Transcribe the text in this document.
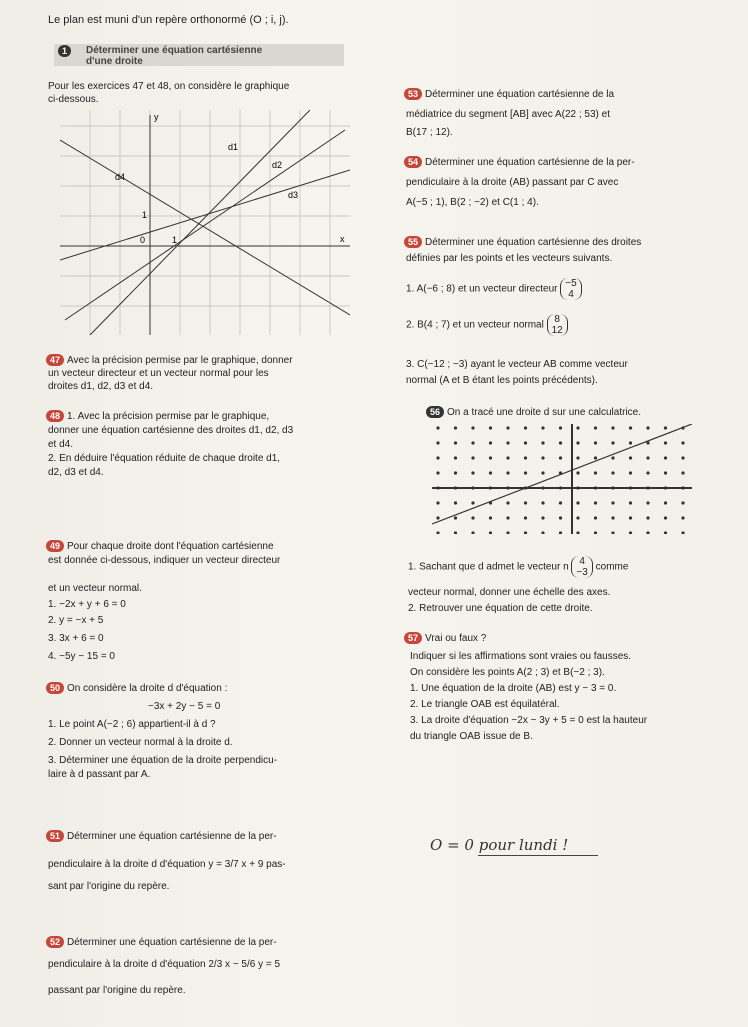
Le plan est muni d'un repère orthonormé (O ; i, j).
1	Déterminer une équation cartésienne
d'une droite
Pour les exercices 47 et 48, on considère le graphique
ci-dessous.
y
x
0	1
1
d1
d2
d3
d4
47 Avec la précision permise par le graphique, donner
un vecteur directeur et un vecteur normal pour les
droites d1, d2, d3 et d4.
48 1. Avec la précision permise par le graphique,
donner une équation cartésienne des droites d1, d2, d3
et d4.
2. En déduire l'équation réduite de chaque droite d1,
d2, d3 et d4.
49 Pour chaque droite dont l'équation cartésienne
est donnée ci-dessous, indiquer un vecteur directeur
et un vecteur normal.
1. −2x + y + 6 = 0
2. y = −x + 5
3. 3x + 6 = 0
4. −5y − 15 = 0
50 On considère la droite d d'équation :
−3x + 2y − 5 = 0
1. Le point A(−2 ; 6) appartient-il à d ?
2. Donner un vecteur normal à la droite d.
3. Déterminer une équation de la droite perpendicu-
laire à d passant par A.
51 Déterminer une équation cartésienne de la per-
pendiculaire à la droite d d'équation y = 3/7 x + 9 pas-
sant par l'origine du repère.
52 Déterminer une équation cartésienne de la per-
pendiculaire à la droite d d'équation 2/3 x − 5/6 y = 5
passant par l'origine du repère.
53 Déterminer une équation cartésienne de la
médiatrice du segment [AB] avec A(22 ; 53) et
B(17 ; 12).
54 Déterminer une équation cartésienne de la per-
pendiculaire à la droite (AB) passant par C avec
A(−5 ; 1), B(2 ; −2) et C(1 ; 4).
55 Déterminer une équation cartésienne des droites
définies par les points et les vecteurs suivants.
1. A(−6 ; 8) et un vecteur directeur −5
4
2. B(4 ; 7) et un vecteur normal 8
12
3. C(−12 ; −3) ayant le vecteur AB comme vecteur
normal (A et B étant les points précédents).
56 On a tracé une droite d sur une calculatrice.
1. Sachant que d admet le vecteur n 4
−3 comme
vecteur normal, donner une échelle des axes.
2. Retrouver une équation de cette droite.
57 Vrai ou faux ?
Indiquer si les affirmations sont vraies ou fausses.
On considère les points A(2 ; 3) et B(−2 ; 3).
1. Une équation de la droite (AB) est y − 3 = 0.
2. Le triangle OAB est équilatéral.
3. La droite d'équation −2x − 3y + 5 = 0 est la hauteur
du triangle OAB issue de B.
O = 0 pour lundi !
